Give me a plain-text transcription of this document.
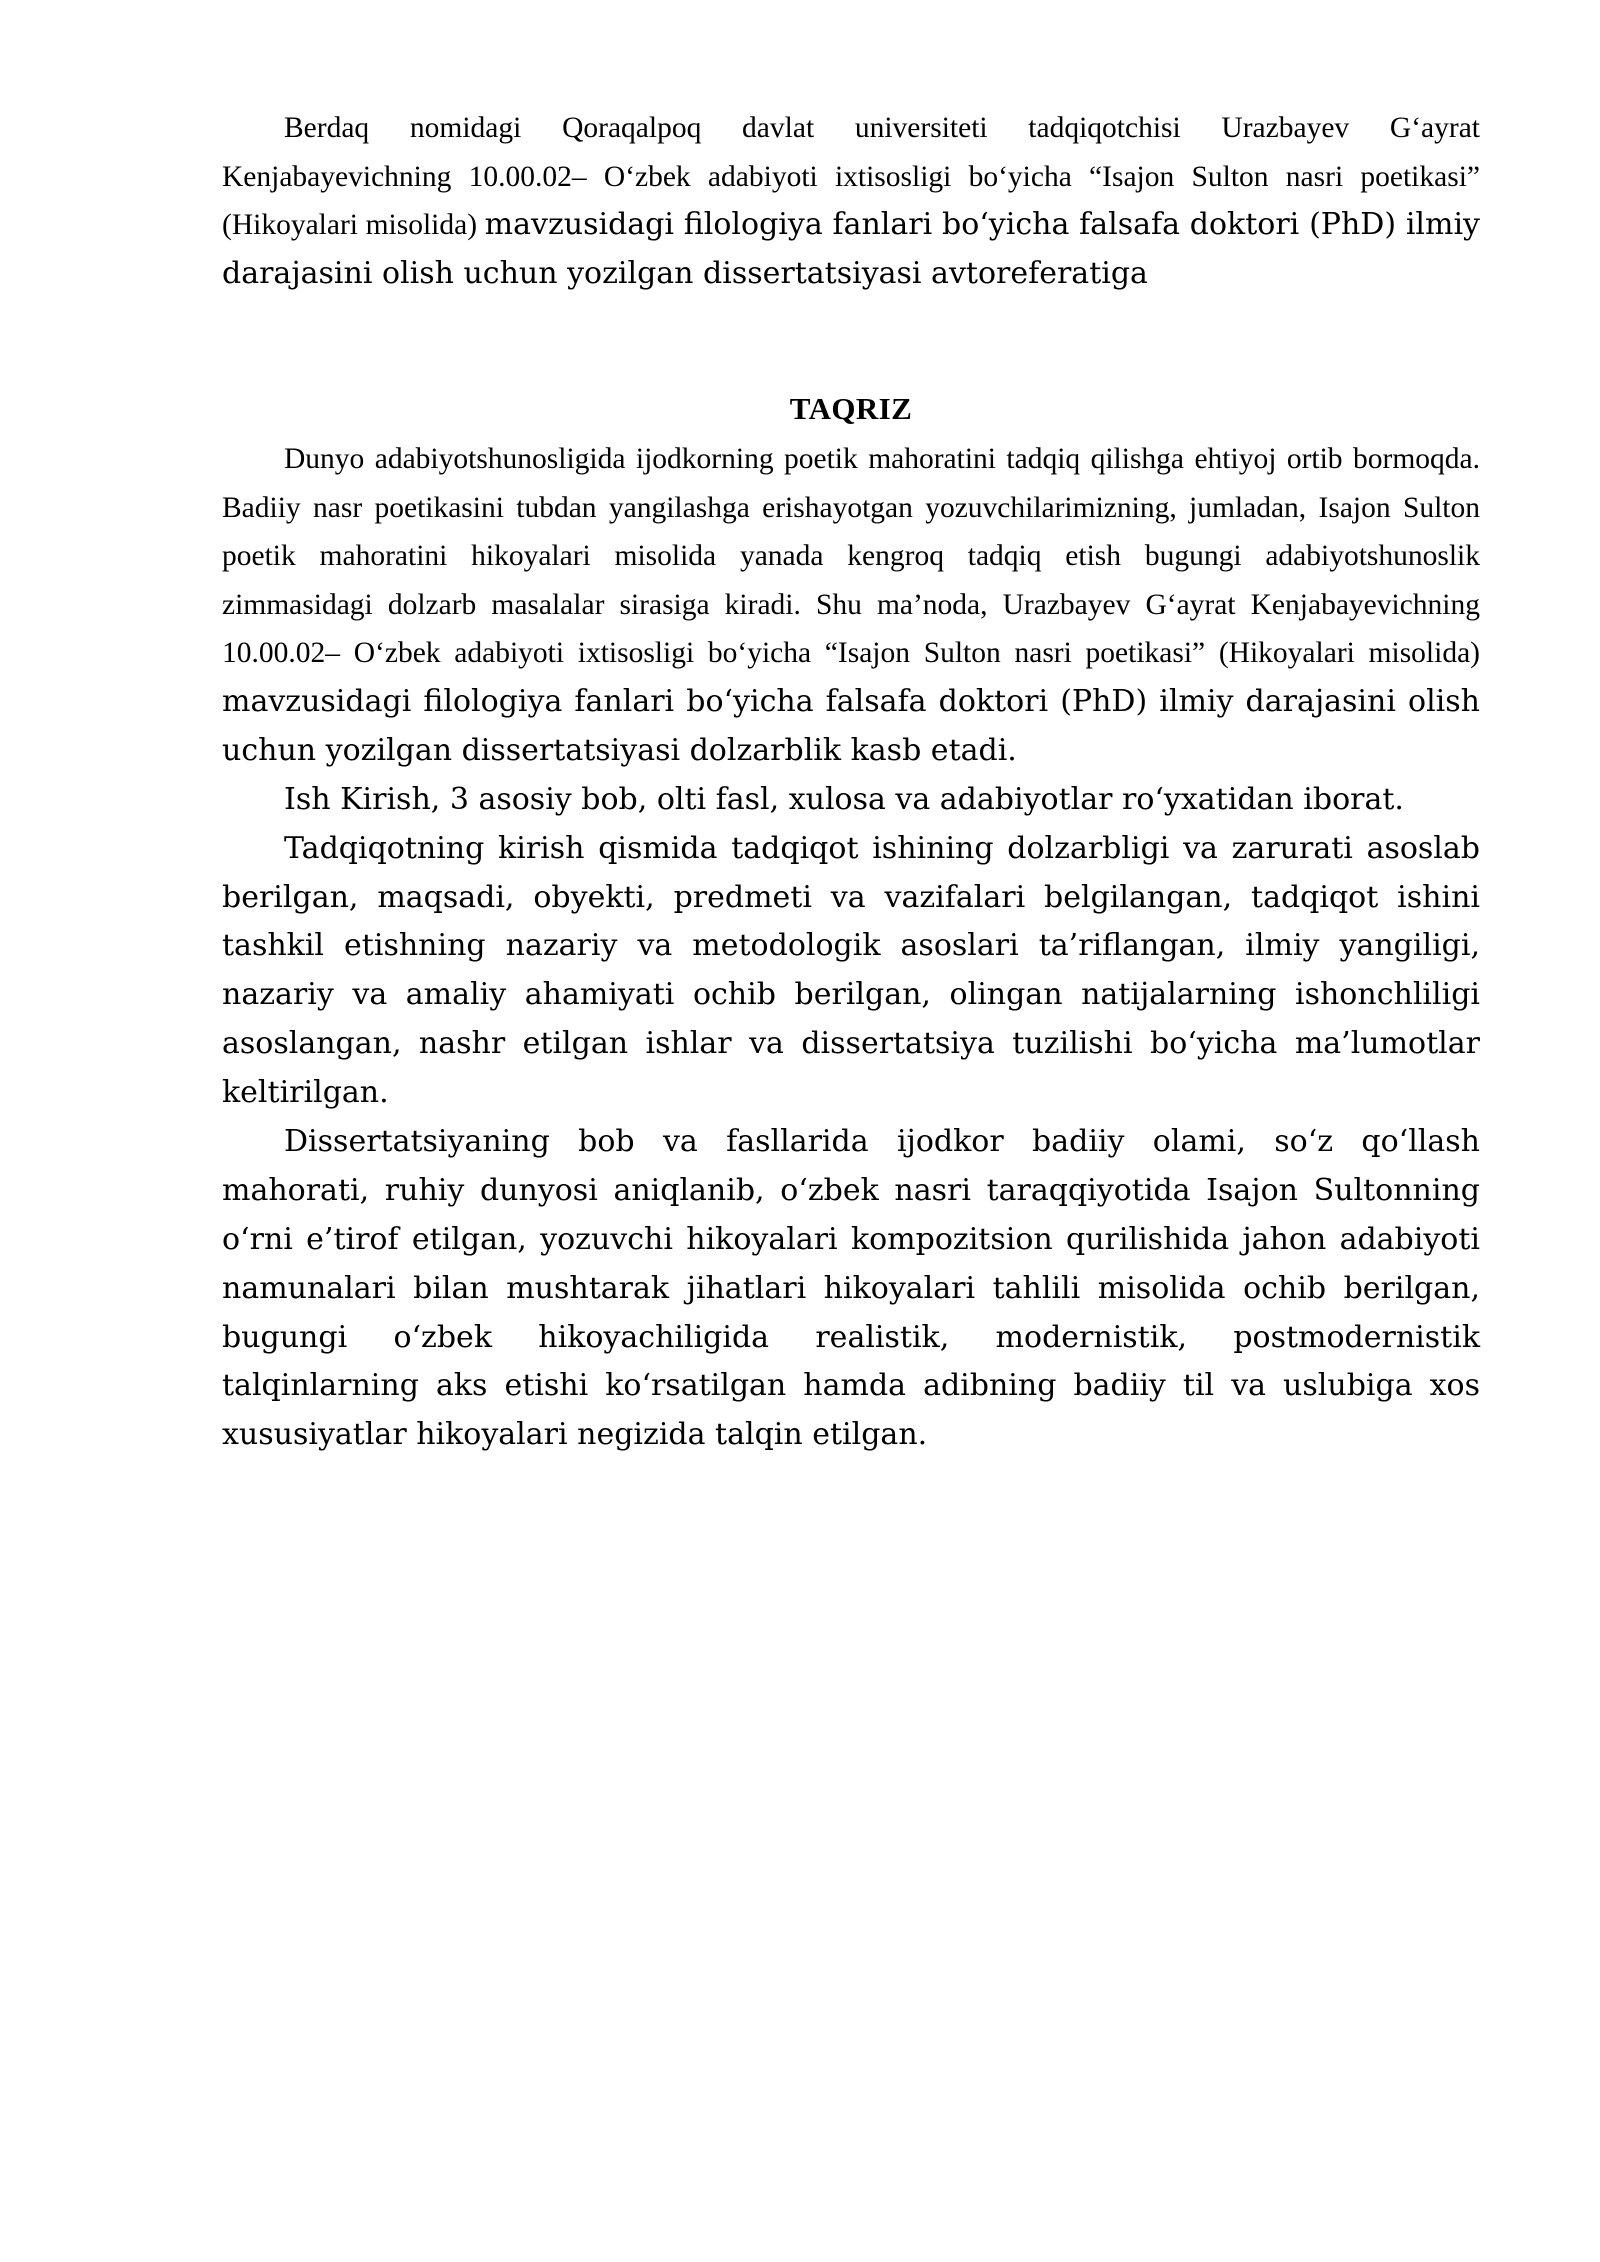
Berdaq nomidagi Qoraqalpoq davlat universiteti tadqiqotchisi Urazbayev G‘ayrat Kenjabayevichning 10.00.02– O‘zbek adabiyoti ixtisosligi bo‘yicha “Isajon Sulton nasri poetikasi” (Hikoyalari misolida) mavzusidagi filologiya fanlari bo‘yicha falsafa doktori (PhD) ilmiy darajasini olish uchun yozilgan dissertatsiyasi avtoreferatiga

TAQRIZ

Dunyo adabiyotshunosligida ijodkorning poetik mahoratini tadqiq qilishga ehtiyoj ortib bormoqda. Badiiy nasr poetikasini tubdan yangilashga erishayotgan yozuvchilarimizning, jumladan, Isajon Sulton poetik mahoratini hikoyalari misolida yanada kengroq tadqiq etish bugungi adabiyotshunoslik zimmasidagi dolzarb masalalar sirasiga kiradi. Shu ma’noda, Urazbayev G‘ayrat Kenjabayevichning 10.00.02– O‘zbek adabiyoti ixtisosligi bo‘yicha “Isajon Sulton nasri poetikasi” (Hikoyalari misolida) mavzusidagi filologiya fanlari bo‘yicha falsafa doktori (PhD) ilmiy darajasini olish uchun yozilgan dissertatsiyasi dolzarblik kasb etadi.

Ish Kirish, 3 asosiy bob, olti fasl, xulosa va adabiyotlar ro‘yxatidan iborat.

Tadqiqotning kirish qismida tadqiqot ishining dolzarbligi va zarurati asoslab berilgan, maqsadi, obyekti, predmeti va vazifalari belgilangan, tadqiqot ishini tashkil etishning nazariy va metodologik asoslari ta’riflangan, ilmiy yangiligi, nazariy va amaliy ahamiyati ochib berilgan, olingan natijalarning ishonchliligi asoslangan, nashr etilgan ishlar va dissertatsiya tuzilishi bo‘yicha ma’lumotlar keltirilgan.

Dissertatsiyaning bob va fasllarida ijodkor badiiy olami, so‘z qo‘llash mahorati, ruhiy dunyosi aniqlanib, o‘zbek nasri taraqqiyotida Isajon Sultonning o‘rni e’tirof etilgan, yozuvchi hikoyalari kompozitsion qurilishida jahon adabiyoti namunalari bilan mushtarak jihatlari hikoyalari tahlili misolida ochib berilgan, bugungi o‘zbek hikoyachiligida realistik, modernistik, postmodernistik talqinlarning aks etishi ko‘rsatilgan hamda adibning badiiy til va uslubiga xos xususiyatlar hikoyalari negizida talqin etilgan.
